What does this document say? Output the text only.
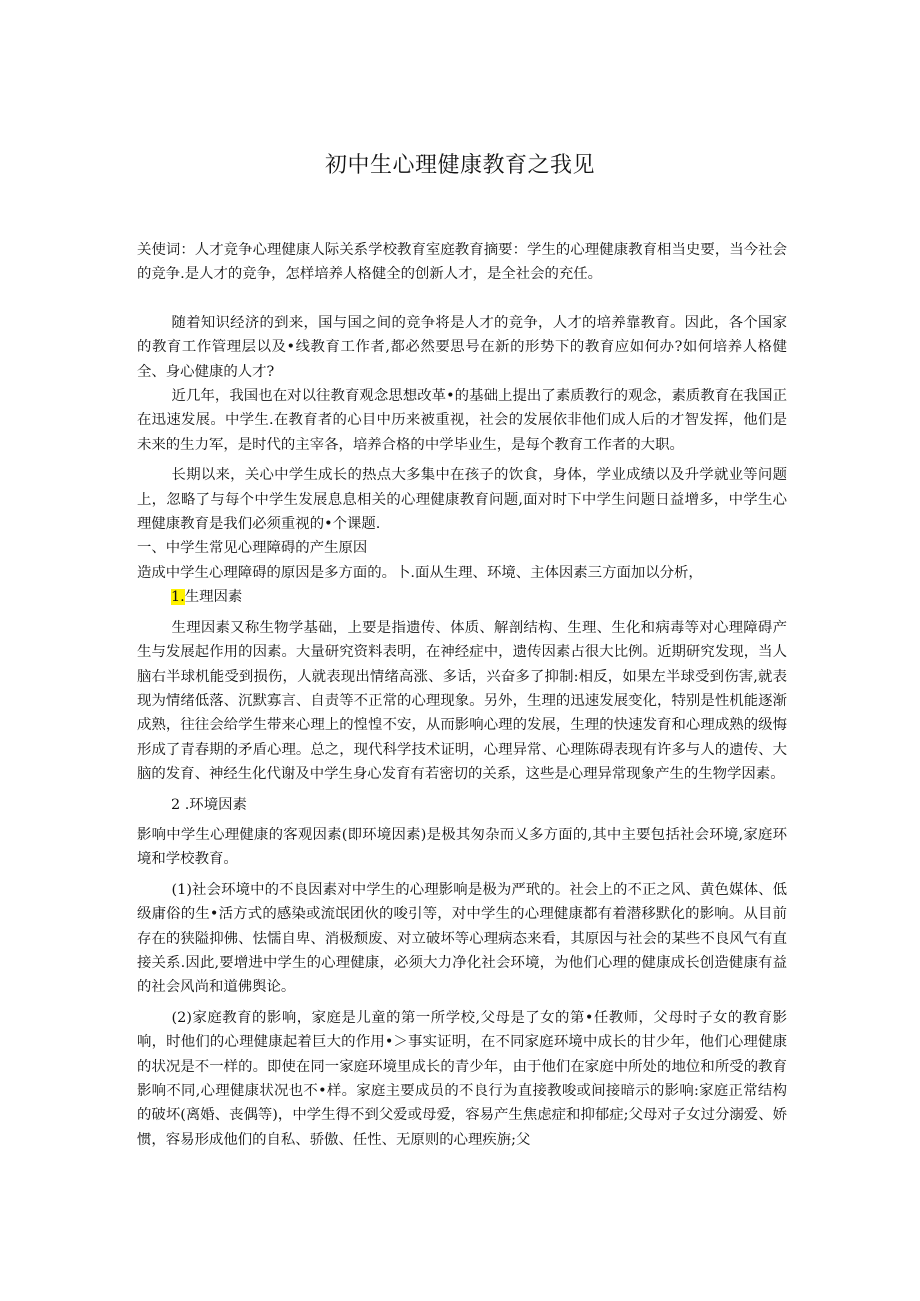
初中生心理健康教育之我见

关使词：人才竞争心理健康人际关系学校教育室庭教育摘要：学生的心理健康教育相当史要，当今社会的竞争.是人才的竞争，怎样培养人格健全的创新人才，是全社会的充任。

随着知识经济的到来，国与国之间的竞争将是人才的竞争，人才的培养靠教育。因此，各个国家的教育工作管理层以及•线教育工作者,都必然要思号在新的形势下的教育应如何办?如何培养人格健全、身心健康的人才?

近几年，我国也在对以往教育观念思想改革•的基础上提出了素质教行的观念，素质教育在我国正在迅速发展。中学生.在教育者的心目中历来被重视，社会的发展依非他们成人后的才智发挥，他们是未来的生力军，是时代的主宰各，培养合格的中学毕业生，是每个教育工作者的大职。

长期以来，关心中学生成长的热点大多集中在孩子的饮食，身体，学业成绩以及升学就业等问题上，忽略了与每个中学生发展息息相关的心理健康教育问题,面对时下中学生问题日益增多，中学生心理健康教育是我们必须重视的•个课题.

一、中学生常见心理障碍的产生原因

造成中学生心理障碍的原因是多方面的。卜.面从生理、环境、主体因素三方面加以分析，

1.生理因素

生理因素又称生物学基础，上要是指遗传、体质、解剖结构、生理、生化和病毒等对心理障碍产生与发展起作用的因素。大量研究资料表明，在神经症中，遗传因素占很大比例。近期研究发现，当人脑右半球机能受到损伤，人就表现出情绪高涨、多话，兴奋多了抑制:相反，如果左半球受到伤害,就表现为情绪低落、沉默寡言、自责等不正常的心理现象。另外，生理的迅速发展变化，特别是性机能逐渐成熟，往往会给学生带来心理上的惶惶不安，从而影响心理的发展，生理的快速发育和心理成熟的级悔形成了青春期的矛盾心理。总之，现代科学技术证明，心理异常、心理陈碍表现有许多与人的遗传、大脑的发育、神经生化代谢及中学生身心发育有若密切的关系，这些是心理异常现象产生的生物学因素。

2 .环境因素

影响中学生心理健康的客观因素(即环境因素)是极其匆杂而乂多方面的,其中主要包括社会环境,家庭环境和学校教育。

(1)社会环境中的不良因素对中学生的心理影响是极为严玳的。社会上的不正之风、黄色媒体、低级庸俗的生•活方式的感染或流氓团伙的唆引等，对中学生的心理健康都有着潜移默化的影响。从目前存在的狭隘抑佛、怯懦自卑、消极颓废、对立破坏等心理病态来看，其原因与社会的某些不良风气有直接关系.因此,要增进中学生的心理健康，必须大力净化社会环境，为他们心理的健康成长创造健康有益的社会风尚和道佛舆论。

(2)家庭教育的影响，家庭是儿童的第一所学校,父母是了女的第•任教师，父母时子女的教育影响，时他们的心理健康起着巨大的作用•＞事实证明，在不同家庭环境中成长的甘少年，他们心理健康的状况是不一样的。即使在同一家庭环境里成长的青少年，由于他们在家庭中所处的地位和所受的教育影响不同,心理健康状况也不•样。家庭主要成员的不良行为直接教唆或间接暗示的影响:家庭正常结构的破坏(离婚、丧偶等)，中学生得不到父爱或母爱，容易产生焦虑症和抑郁症;父母对子女过分溺爱、娇惯，容易形成他们的自私、骄傲、任性、无原则的心理疾旃;父
